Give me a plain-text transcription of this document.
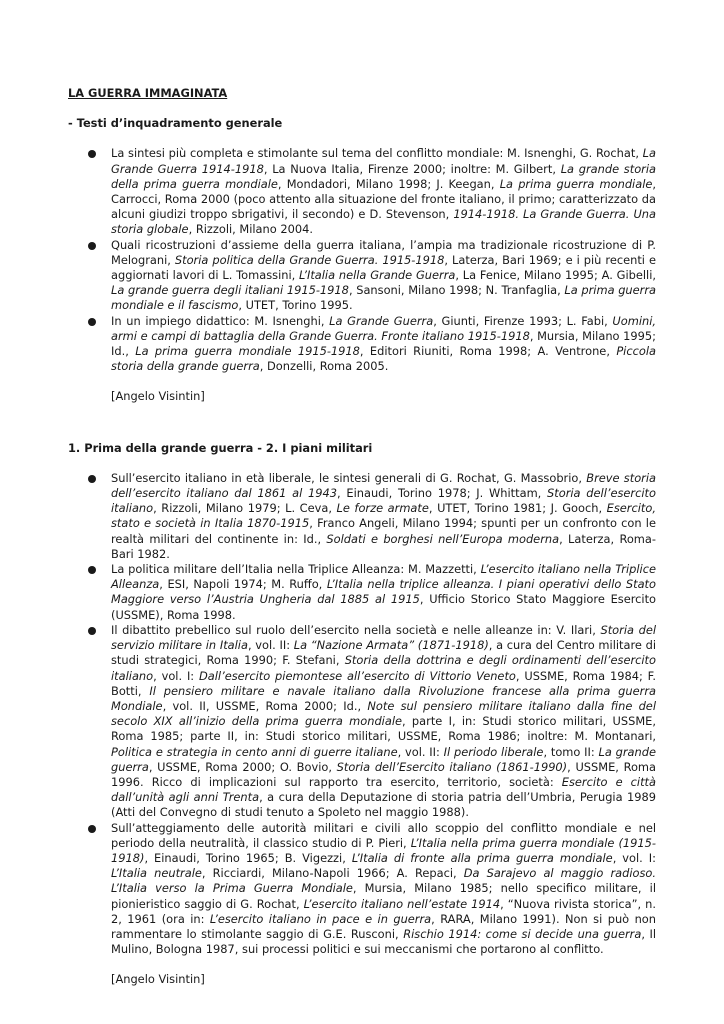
LA GUERRA IMMAGINATA

- Testi d’inquadramento generale

La sintesi più completa e stimolante sul tema del conflitto mondiale: M. Isnenghi, G. Rochat, La Grande Guerra 1914-1918, La Nuova Italia, Firenze 2000; inoltre: M. Gilbert, La grande storia della prima guerra mondiale, Mondadori, Milano 1998; J. Keegan, La prima guerra mondiale, Carrocci, Roma 2000 (poco attento alla situazione del fronte italiano, il primo; caratterizzato da alcuni giudizi troppo sbrigativi, il secondo) e D. Stevenson, 1914-1918. La Grande Guerra. Una storia globale, Rizzoli, Milano 2004.
Quali ricostruzioni d’assieme della guerra italiana, l’ampia ma tradizionale ricostruzione di P. Melograni, Storia politica della Grande Guerra. 1915-1918, Laterza, Bari 1969; e i più recenti e aggiornati lavori di L. Tomassini, L’Italia nella Grande Guerra, La Fenice, Milano 1995; A. Gibelli, La grande guerra degli italiani 1915-1918, Sansoni, Milano 1998; N. Tranfaglia, La prima guerra mondiale e il fascismo, UTET, Torino 1995.
In un impiego didattico: M. Isnenghi, La Grande Guerra, Giunti, Firenze 1993; L. Fabi, Uomini, armi e campi di battaglia della Grande Guerra. Fronte italiano 1915-1918, Mursia, Milano 1995; Id., La prima guerra mondiale 1915-1918, Editori Riuniti, Roma 1998; A. Ventrone, Piccola storia della grande guerra, Donzelli, Roma 2005.

[Angelo Visintin]

1. Prima della grande guerra - 2. I piani militari

Sull’esercito italiano in età liberale, le sintesi generali di G. Rochat, G. Massobrio, Breve storia dell’esercito italiano dal 1861 al 1943, Einaudi, Torino 1978; J. Whittam, Storia dell’esercito italiano, Rizzoli, Milano 1979; L. Ceva, Le forze armate, UTET, Torino 1981; J. Gooch, Esercito, stato e società in Italia 1870-1915, Franco Angeli, Milano 1994; spunti per un confronto con le realtà militari del continente in: Id., Soldati e borghesi nell’Europa moderna, Laterza, Roma-Bari 1982.
La politica militare dell’Italia nella Triplice Alleanza: M. Mazzetti, L’esercito italiano nella Triplice Alleanza, ESI, Napoli 1974; M. Ruffo, L’Italia nella triplice alleanza. I piani operativi dello Stato Maggiore verso l’Austria Ungheria dal 1885 al 1915, Ufficio Storico Stato Maggiore Esercito (USSME), Roma 1998.
Il dibattito prebellico sul ruolo dell’esercito nella società e nelle alleanze in: V. Ilari, Storia del servizio militare in Italia, vol. II: La “Nazione Armata” (1871-1918), a cura del Centro militare di studi strategici, Roma 1990; F. Stefani, Storia della dottrina e degli ordinamenti dell’esercito italiano, vol. I: Dall’esercito piemontese all’esercito di Vittorio Veneto, USSME, Roma 1984; F. Botti, Il pensiero militare e navale italiano dalla Rivoluzione francese alla prima guerra Mondiale, vol. II, USSME, Roma 2000; Id., Note sul pensiero militare italiano dalla fine del secolo XIX all’inizio della prima guerra mondiale, parte I, in: Studi storico militari, USSME, Roma 1985; parte II, in: Studi storico militari, USSME, Roma 1986; inoltre: M. Montanari, Politica e strategia in cento anni di guerre italiane, vol. II: Il periodo liberale, tomo II: La grande guerra, USSME, Roma 2000; O. Bovio, Storia dell’Esercito italiano (1861-1990), USSME, Roma 1996. Ricco di implicazioni sul rapporto tra esercito, territorio, società: Esercito e città dall’unità agli anni Trenta, a cura della Deputazione di storia patria dell’Umbria, Perugia 1989 (Atti del Convegno di studi tenuto a Spoleto nel maggio 1988).
Sull’atteggiamento delle autorità militari e civili allo scoppio del conflitto mondiale e nel periodo della neutralità, il classico studio di P. Pieri, L’Italia nella prima guerra mondiale (1915-1918), Einaudi, Torino 1965; B. Vigezzi, L’Italia di fronte alla prima guerra mondiale, vol. I: L’Italia neutrale, Ricciardi, Milano-Napoli 1966; A. Repaci, Da Sarajevo al maggio radioso. L’Italia verso la Prima Guerra Mondiale, Mursia, Milano 1985; nello specifico militare, il pionieristico saggio di G. Rochat, L’esercito italiano nell’estate 1914, “Nuova rivista storica”, n. 2, 1961 (ora in: L’esercito italiano in pace e in guerra, RARA, Milano 1991). Non si può non rammentare lo stimolante saggio di G.E. Rusconi, Rischio 1914: come si decide una guerra, Il Mulino, Bologna 1987, sui processi politici e sui meccanismi che portarono al conflitto.

[Angelo Visintin]
